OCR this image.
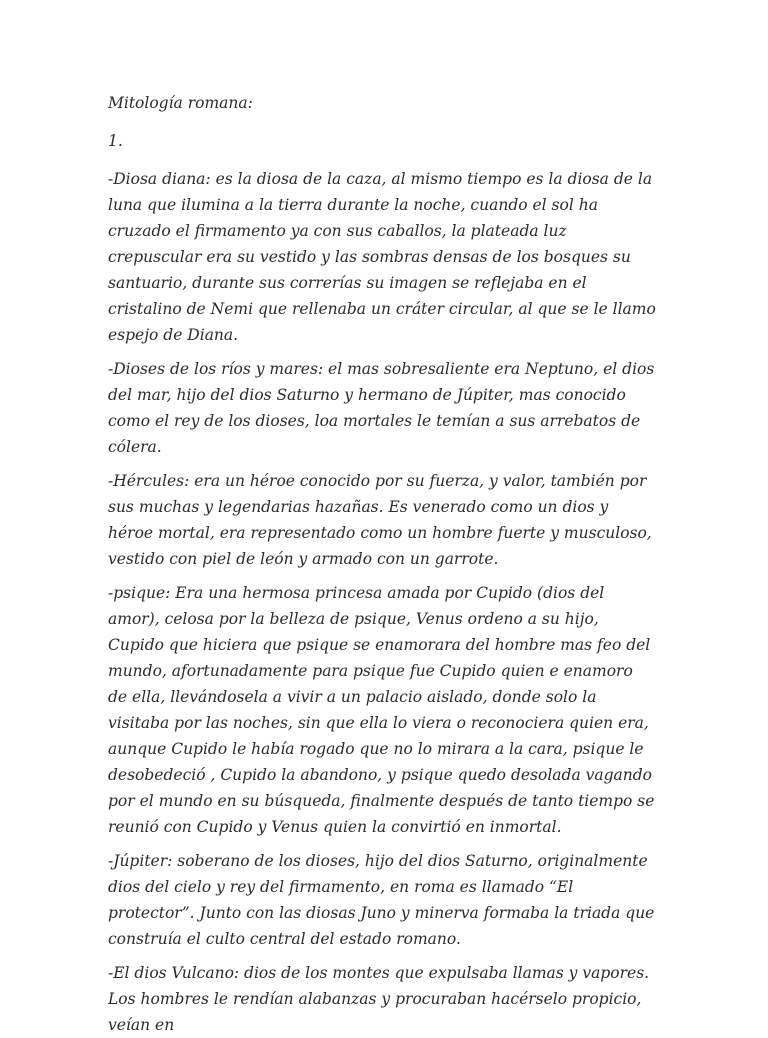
Mitología romana:

1.

-Diosa diana: es la diosa de la caza, al mismo tiempo es la diosa de la luna que ilumina a la tierra durante la noche, cuando el sol ha cruzado el firmamento ya con sus caballos, la plateada luz crepuscular era su vestido y las sombras densas de los bosques su santuario, durante sus correrías su imagen se reflejaba en el cristalino de Nemi que rellenaba un cráter circular, al que se le llamo espejo de Diana.

-Dioses de los ríos y mares: el mas sobresaliente era Neptuno, el dios del mar, hijo del dios Saturno y hermano de Júpiter, mas conocido como el rey de los dioses, loa mortales le temían a sus arrebatos de cólera.

-Hércules: era un héroe conocido por su fuerza, y valor, también por sus muchas y legendarias hazañas. Es venerado como un dios y héroe mortal, era representado como un hombre fuerte y musculoso, vestido con piel de león y armado con un garrote.

-psique: Era una hermosa princesa amada por Cupido (dios del amor), celosa por la belleza de psique, Venus ordeno a su hijo, Cupido que hiciera que psique se enamorara del hombre mas feo del mundo, afortunadamente para psique fue Cupido quien e enamoro de ella, llevándosela a vivir a un palacio aislado, donde solo la visitaba por las noches, sin que ella lo viera o reconociera quien era, aunque Cupido le había rogado que no lo mirara a la cara, psique le desobedeció , Cupido la abandono, y psique quedo desolada vagando por el mundo en su búsqueda, finalmente después de tanto tiempo se reunió con Cupido y Venus quien la convirtió en inmortal.

-Júpiter: soberano de los dioses, hijo del dios Saturno, originalmente dios del cielo y rey del firmamento, en roma es llamado “El protector”. Junto con las diosas Juno y minerva formaba la triada que construía el culto central del estado romano.

-El dios Vulcano: dios de los montes que expulsaba llamas y vapores. Los hombres le rendían alabanzas y procuraban hacérselo propicio, veían en
